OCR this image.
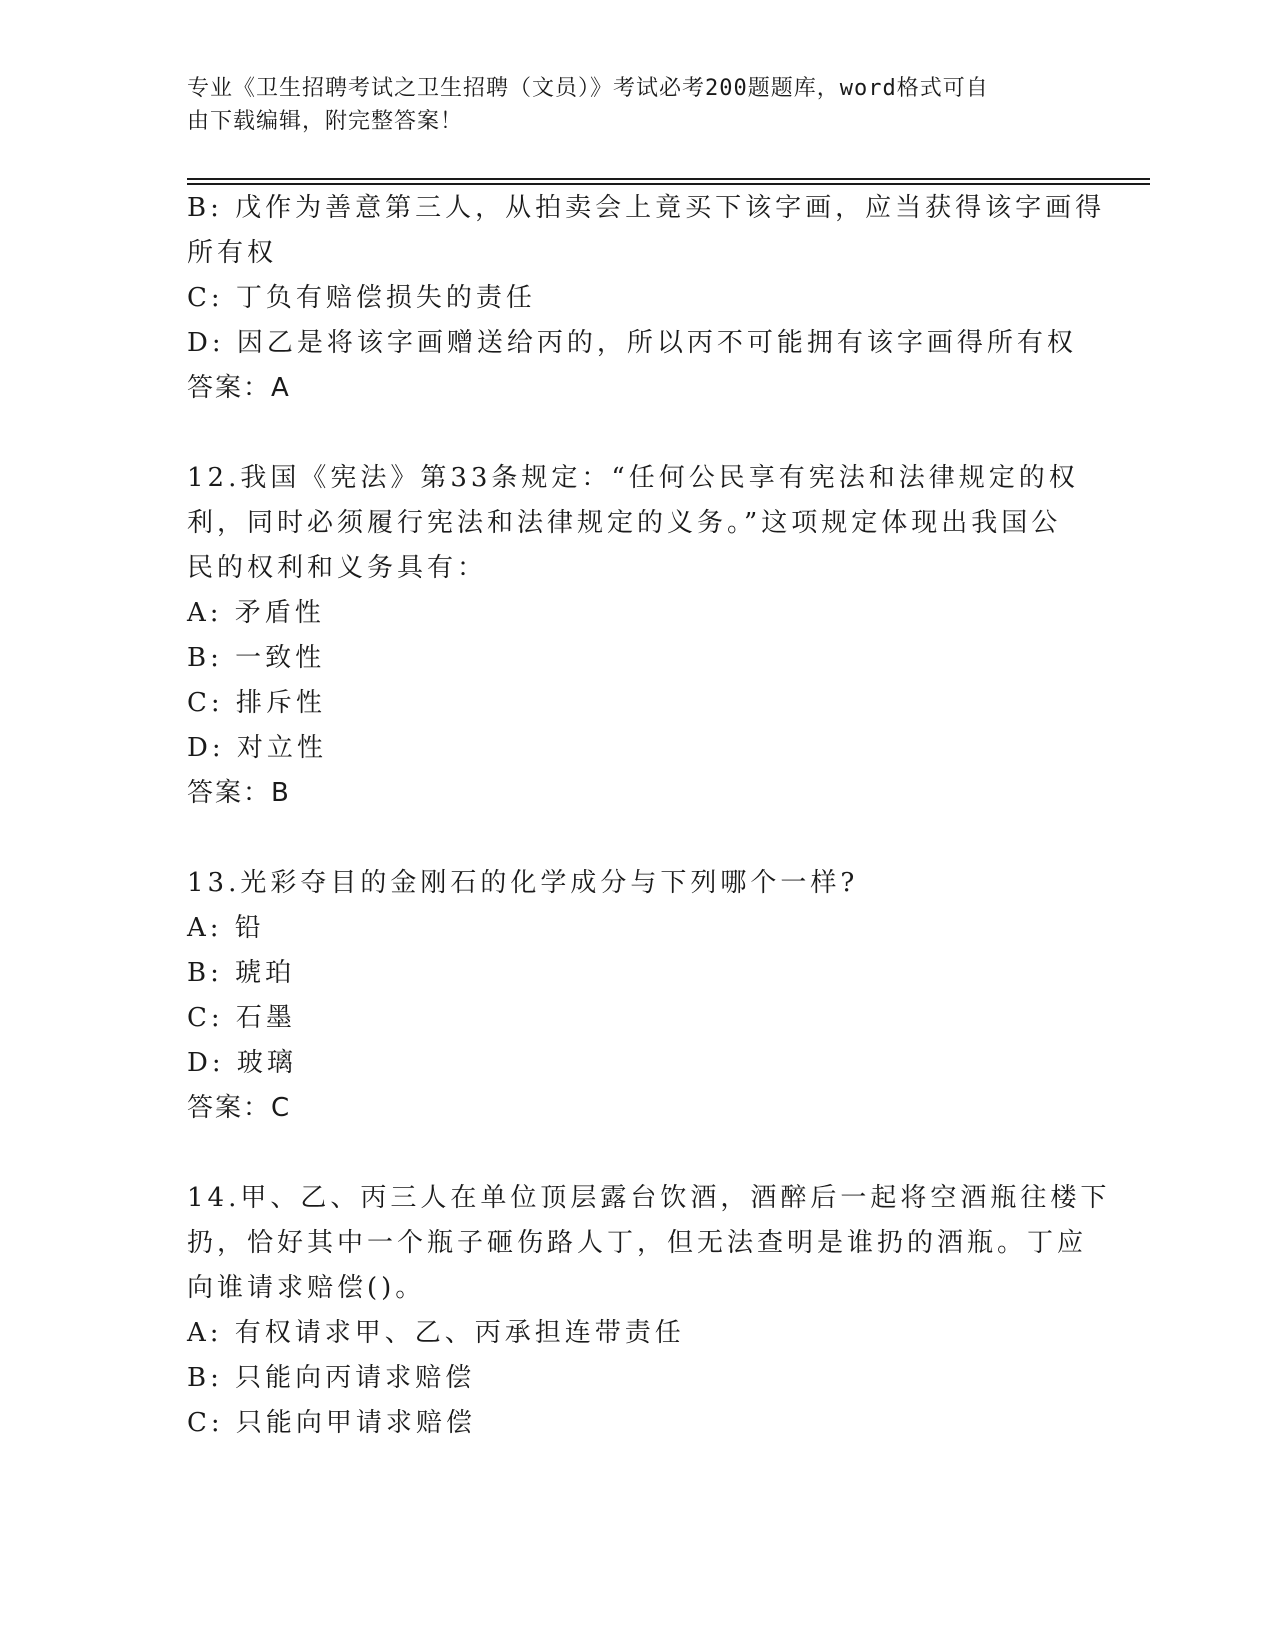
专业《卫生招聘考试之卫生招聘（文员）》考试必考200题题库，word格式可自
由下载编辑，附完整答案！
B: 戊作为善意第三人，从拍卖会上竟买下该字画，应当获得该字画得
所有权
C: 丁负有赔偿损失的责任
D: 因乙是将该字画赠送给丙的，所以丙不可能拥有该字画得所有权
答案：A
12.我国《宪法》第33条规定：“任何公民享有宪法和法律规定的权
利，同时必须履行宪法和法律规定的义务。”这项规定体现出我国公
民的权利和义务具有：
A: 矛盾性
B: 一致性
C: 排斥性
D: 对立性
答案：B
13.光彩夺目的金刚石的化学成分与下列哪个一样?
A: 铅
B: 琥珀
C: 石墨
D: 玻璃
答案：C
14.甲、乙、丙三人在单位顶层露台饮酒，酒醉后一起将空酒瓶往楼下
扔，恰好其中一个瓶子砸伤路人丁，但无法查明是谁扔的酒瓶。丁应
向谁请求赔偿()。
A: 有权请求甲、乙、丙承担连带责任
B: 只能向丙请求赔偿
C: 只能向甲请求赔偿
